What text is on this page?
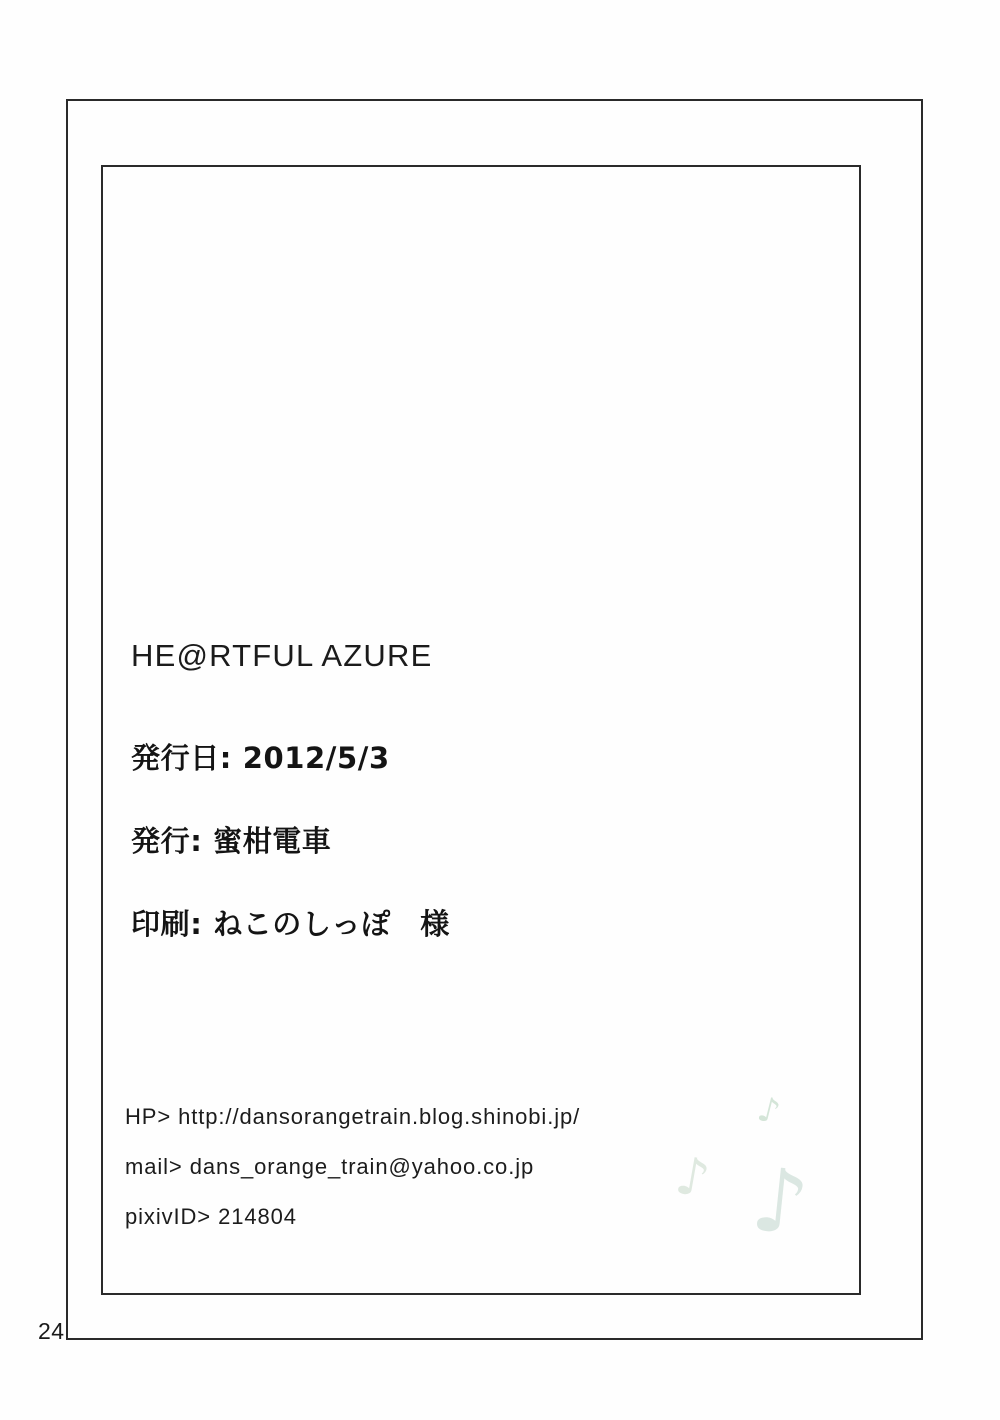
24
HE@RTFUL AZURE
発行日: 2012/5/3
発行: 蜜柑電車
印刷: ねこのしっぽ　様
HP> http://dansorangetrain.blog.shinobi.jp/
mail> dans_orange_train@yahoo.co.jp
pixivID> 214804
♪
♪ ♪
